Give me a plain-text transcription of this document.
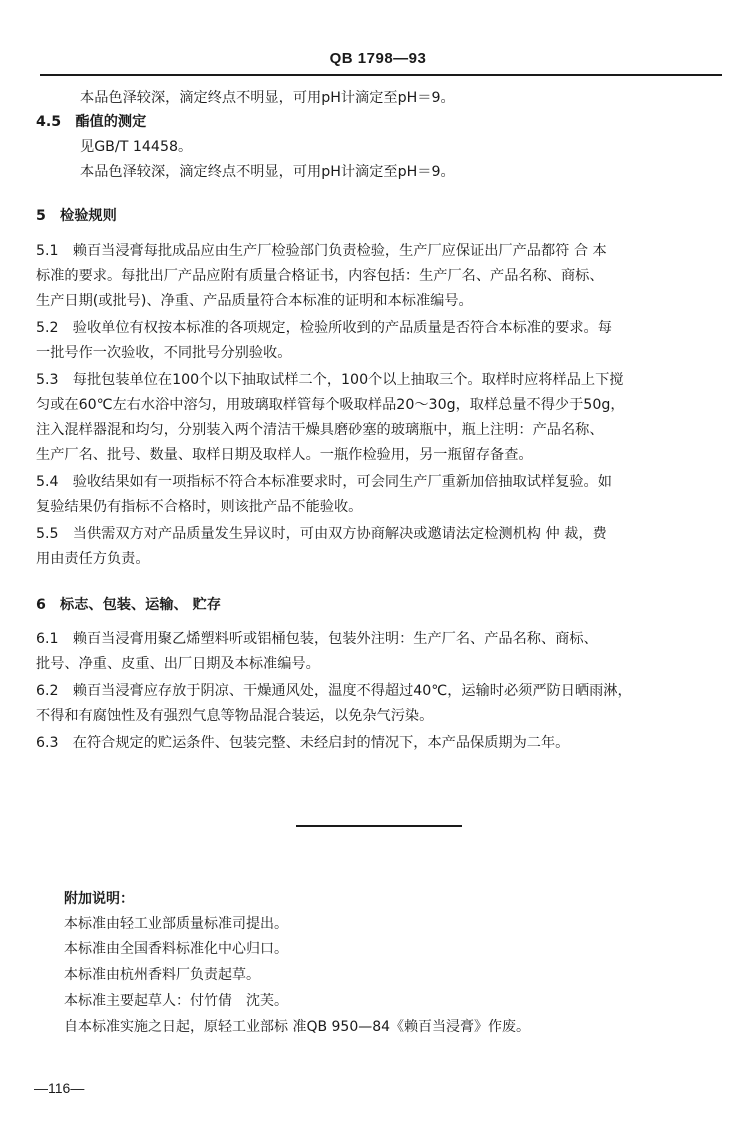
QB 1798—93
本品色泽较深，滴定终点不明显，可用pH计滴定至pH＝9。
4.5　酯值的测定
见GB/T 14458。
本品色泽较深，滴定终点不明显，可用pH计滴定至pH＝9。
5　检验规则
5.1　赖百当浸膏每批成品应由生产厂检验部门负责检验，生产厂应保证出厂产品都符 合 本
标准的要求。每批出厂产品应附有质量合格证书，内容包括：生产厂名、产品名称、商标、
生产日期(或批号)、净重、产品质量符合本标准的证明和本标准编号。
5.2　验收单位有权按本标准的各项规定，检验所收到的产品质量是否符合本标准的要求。每
一批号作一次验收，不同批号分别验收。
5.3　每批包装单位在100个以下抽取试样二个，100个以上抽取三个。取样时应将样品上下搅
匀或在60℃左右水浴中溶匀，用玻璃取样管每个吸取样品20～30g，取样总量不得少于50g，
注入混样器混和均匀，分别装入两个清洁干燥具磨砂塞的玻璃瓶中，瓶上注明：产品名称、
生产厂名、批号、数量、取样日期及取样人。一瓶作检验用，另一瓶留存备查。
5.4　验收结果如有一项指标不符合本标准要求时，可会同生产厂重新加倍抽取试样复验。如
复验结果仍有指标不合格时，则该批产品不能验收。
5.5　当供需双方对产品质量发生异议时，可由双方协商解决或邀请法定检测机构 仲 裁，费
用由责任方负责。
6　标志、包装、运输、 贮存
6.1　赖百当浸膏用聚乙烯塑料听或铝桶包装，包装外注明：生产厂名、产品名称、商标、
批号、净重、皮重、出厂日期及本标准编号。
6.2　赖百当浸膏应存放于阴凉、干燥通风处，温度不得超过40℃，运输时必须严防日晒雨淋，
不得和有腐蚀性及有强烈气息等物品混合装运，以免杂气污染。
6.3　在符合规定的贮运条件、包装完整、未经启封的情况下，本产品保质期为二年。
附加说明：
本标准由轻工业部质量标准司提出。
本标准由全国香料标准化中心归口。
本标准由杭州香料厂负责起草。
本标准主要起草人：付竹倩　沈芙。
自本标准实施之日起，原轻工业部标 准QB 950—84《赖百当浸膏》作废。
—116—
